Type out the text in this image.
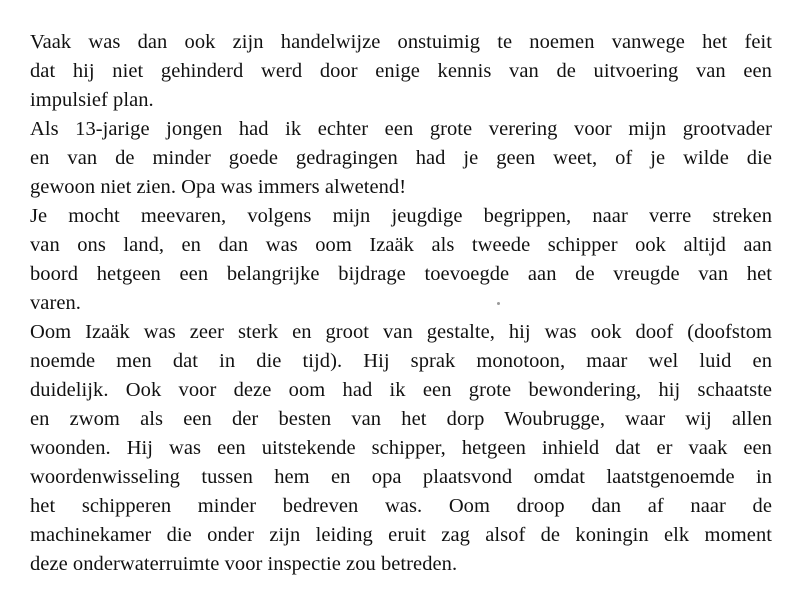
Vaak was dan ook zijn handelwijze onstuimig te noemen vanwege het feit
dat hij niet gehinderd werd door enige kennis van de uitvoering van een
impulsief plan.
Als 13-jarige jongen had ik echter een grote verering voor mijn grootvader
en van de minder goede gedragingen had je geen weet, of je wilde die
gewoon niet zien. Opa was immers alwetend!
Je mocht meevaren, volgens mijn jeugdige begrippen, naar verre streken
van ons land, en dan was oom Izaäk als tweede schipper ook altijd aan
boord hetgeen een belangrijke bijdrage toevoegde aan de vreugde van het
varen.
Oom Izaäk was zeer sterk en groot van gestalte, hij was ook doof (doofstom
noemde men dat in die tijd). Hij sprak monotoon, maar wel luid en
duidelijk. Ook voor deze oom had ik een grote bewondering, hij schaatste
en zwom als een der besten van het dorp Woubrugge, waar wij allen
woonden. Hij was een uitstekende schipper, hetgeen inhield dat er vaak een
woordenwisseling tussen hem en opa plaatsvond omdat laatstgenoemde in
het schipperen minder bedreven was. Oom droop dan af naar de
machinekamer die onder zijn leiding eruit zag alsof de koningin elk moment
deze onderwaterruimte voor inspectie zou betreden.
